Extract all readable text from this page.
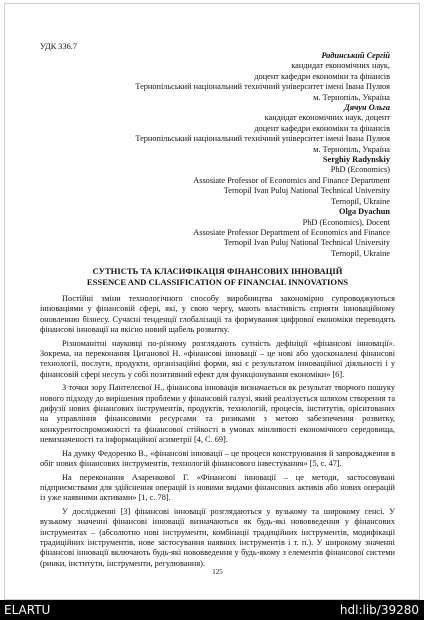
УДК 336.7
Радинський Сергій
кандидат економічних наук,
доцент кафедри економіки та фінансів
Тернопільський національний технічний університет імені Івана Пулюя
м. Тернопіль, Україна
Дячун Ольга
кандидат економічних наук, доцент
доцент кафедри економіки та фінансів
Тернопільський національний технічний університет імені Івана Пулюя
м. Тернопіль, Україна
Serghiy Radynskiy
PhD (Economics)
Assosiate Professor of Economics and Finance Department
Ternopil Ivan Puluj National Technical University
Ternopil, Ukraine
Olga Dyachun
PhD (Economics), Docent
Assosiate Professor Department of Economics and Finance
Ternopil Ivan Puluj National Technical University
Ternopil, Ukraine
СУТНІСТЬ ТА КЛАСИФІКАЦІЯ ФІНАНСОВИХ ІННОВАЦІЙ
ESSENCE AND CLASSIFICATION OF FINANCIAL INNOVATIONS

Постійні зміни технологічного способу виробництва закономірно супроводжуються інноваціями у фінансовій сфері, які, у свою чергу, мають властивість сприяти інноваційному оновленню бізнесу. Сучасні тенденції глобалізації та формування цифрової економіки переводять фінансові інновації на якісно новий щабель розвитку.

Різноманітні науковці по-різному розглядають сутність дефініції «фінансові інновації». Зокрема, на переконання Циганової Н. «фінансові інновації – це нові або удосконалені фінансові технології, послуги, продукти, організаційні форми, які є результатом інноваційної діяльності і у фінансовій сфері несуть у собі позитивний ефект для функціонування економіки» [6].

З точки зору Пантелєєвої Н., фінансова інновація визначається як результат творчого пошуку нового підходу до вирішення проблеми у фінансовій галузі, який реалізується шляхом створення та дифузії нових фінансових інструментів, продуктів, технологій, процесів, інститутів, орієнтованих на управління фінансовими ресурсами та ризиками з метою забезпечення розвитку, конкурентоспроможності та фінансової стійкості в умовах мінливості економічного середовища, невизначеності та інформаційної асиметрії [4, С. 69].

На думку Федоренко В., «фінансові інновації – це процеси конструювання й запровадження в обіг нових фінансових інструментів, технологій фінансового інвестування» [5, с. 47].

На переконання Азаренкової Г. «Фінансові інновації – це методи, застосовувані підприємствами для здійснення операцій із новими видами фінансових активів або нових операцій із уже наявними активами» [1, с. 78].

У дослідженні [3] фінансові інновації розглядаються у вузькому та широкому сенсі. У вузькому значенні фінансові інновації визначаються як будь-які нововведення у фінансових інструментах – (абсолютно нові інструменти, комбінації традиційних інструментів, модифікації традиційних інструментів, нове застосування наявних інструментів і т. п.). У широкому значенні фінансові інновації включають будь-які нововведення у будь-якому з елементів фінансової системи (ринки, інститути, інструменти, регулювання).

125
ELARTU	hdl:lib/39280
